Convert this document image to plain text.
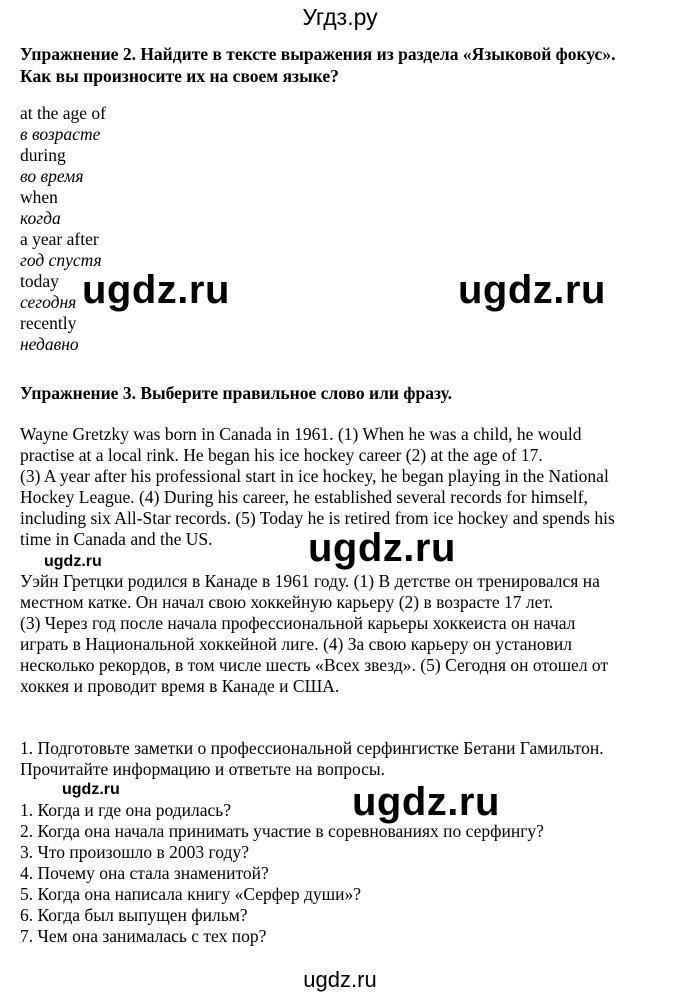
Угдз.ру
Упражнение 2. Найдите в тексте выражения из раздела «Языковой фокус».
Как вы произносите их на своем языке?
at the age of
в возрасте
during
во время
when
когда
a year after
год спустя
today
сегодня
recently
недавно
ugdz.ru	ugdz.ru
Упражнение 3. Выберите правильное слово или фразу.
Wayne Gretzky was born in Canada in 1961. (1) When he was a child, he would
practise at a local rink. He began his ice hockey career (2) at the age of 17.
(3) A year after his professional start in ice hockey, he began playing in the National
Hockey League. (4) During his career, he established several records for himself,
including six All-Star records. (5) Today he is retired from ice hockey and spends his
time in Canada and the US.
ugdz.ru	ugdz.ru
Уэйн Гретцки родился в Канаде в 1961 году. (1) В детстве он тренировался на
местном катке. Он начал свою хоккейную карьеру (2) в возрасте 17 лет.
(3) Через год после начала профессиональной карьеры хоккеиста он начал
играть в Национальной хоккейной лиге. (4) За свою карьеру он установил
несколько рекордов, в том числе шесть «Всех звезд». (5) Сегодня он отошел от
хоккея и проводит время в Канаде и США.
1. Подготовьте заметки о профессиональной серфингистке Бетани Гамильтон.
Прочитайте информацию и ответьте на вопросы.
ugdz.ru	ugdz.ru
1. Когда и где она родилась?
2. Когда она начала принимать участие в соревнованиях по серфингу?
3. Что произошло в 2003 году?
4. Почему она стала знаменитой?
5. Когда она написала книгу «Серфер души»?
6. Когда был выпущен фильм?
7. Чем она занималась с тех пор?
ugdz.ru
